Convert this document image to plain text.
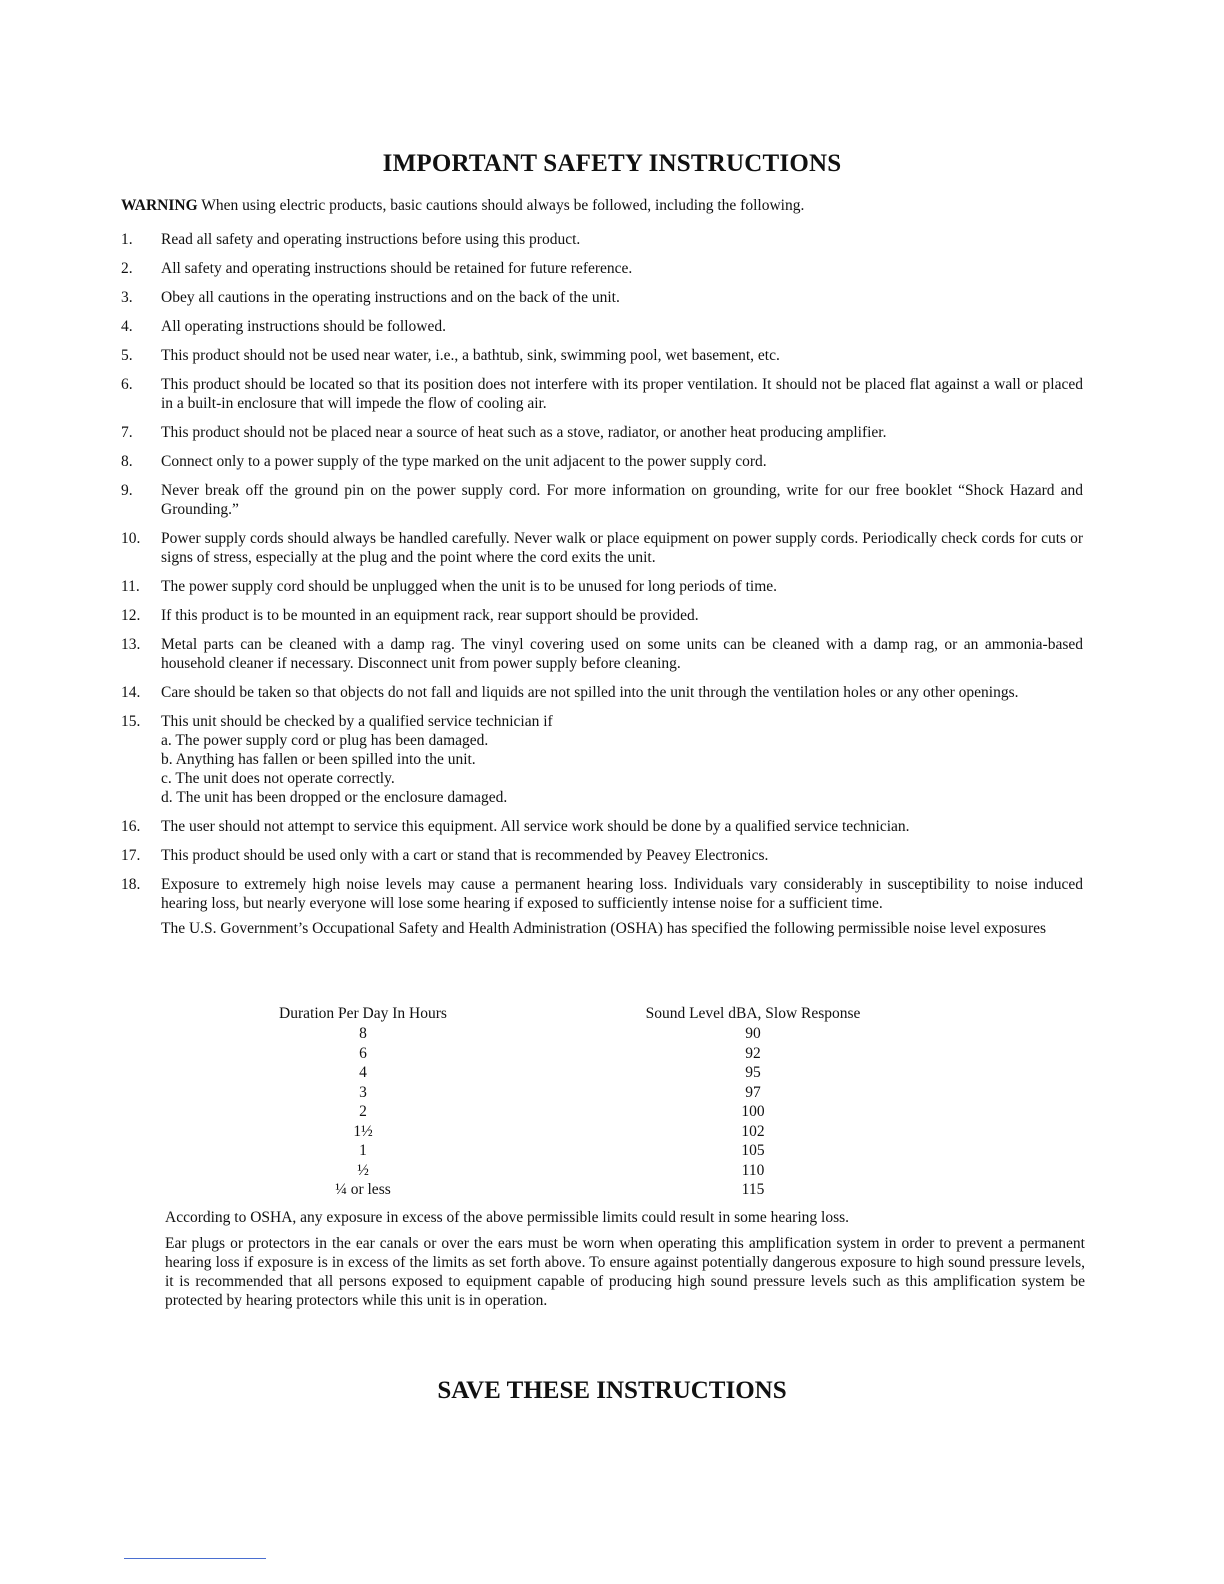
IMPORTANT SAFETY INSTRUCTIONS
WARNING When using electric products, basic cautions should always be followed, including the following.
1. Read all safety and operating instructions before using this product.
2. All safety and operating instructions should be retained for future reference.
3. Obey all cautions in the operating instructions and on the back of the unit.
4. All operating instructions should be followed.
5. This product should not be used near water, i.e., a bathtub, sink, swimming pool, wet basement, etc.
6. This product should be located so that its position does not interfere with its proper ventilation. It should not be placed flat against a wall or placed in a built-in enclosure that will impede the flow of cooling air.
7. This product should not be placed near a source of heat such as a stove, radiator, or another heat producing amplifier.
8. Connect only to a power supply of the type marked on the unit adjacent to the power supply cord.
9. Never break off the ground pin on the power supply cord. For more information on grounding, write for our free booklet “Shock Hazard and Grounding.”
10. Power supply cords should always be handled carefully. Never walk or place equipment on power supply cords. Periodically check cords for cuts or signs of stress, especially at the plug and the point where the cord exits the unit.
11. The power supply cord should be unplugged when the unit is to be unused for long periods of time.
12. If this product is to be mounted in an equipment rack, rear support should be provided.
13. Metal parts can be cleaned with a damp rag. The vinyl covering used on some units can be cleaned with a damp rag, or an ammonia-based household cleaner if necessary. Disconnect unit from power supply before cleaning.
14. Care should be taken so that objects do not fall and liquids are not spilled into the unit through the ventilation holes or any other openings.
15. This unit should be checked by a qualified service technician if
a. The power supply cord or plug has been damaged.
b. Anything has fallen or been spilled into the unit.
c. The unit does not operate correctly.
d. The unit has been dropped or the enclosure damaged.
16. The user should not attempt to service this equipment. All service work should be done by a qualified service technician.
17. This product should be used only with a cart or stand that is recommended by Peavey Electronics.
18. Exposure to extremely high noise levels may cause a permanent hearing loss. Individuals vary considerably in susceptibility to noise induced hearing loss, but nearly everyone will lose some hearing if exposed to sufficiently intense noise for a sufficient time.
The U.S. Government’s Occupational Safety and Health Administration (OSHA) has specified the following permissible noise level exposures
Duration Per Day In Hours	Sound Level dBA, Slow Response
8	90
6	92
4	95
3	97
2	100
1½	102
1	105
½	110
¼ or less	115
According to OSHA, any exposure in excess of the above permissible limits could result in some hearing loss.
Ear plugs or protectors in the ear canals or over the ears must be worn when operating this amplification system in order to prevent a permanent hearing loss if exposure is in excess of the limits as set forth above. To ensure against potentially dangerous exposure to high sound pressure levels, it is recommended that all persons exposed to equipment capable of producing high sound pressure levels such as this amplification system be protected by hearing protectors while this unit is in operation.
SAVE THESE INSTRUCTIONS
